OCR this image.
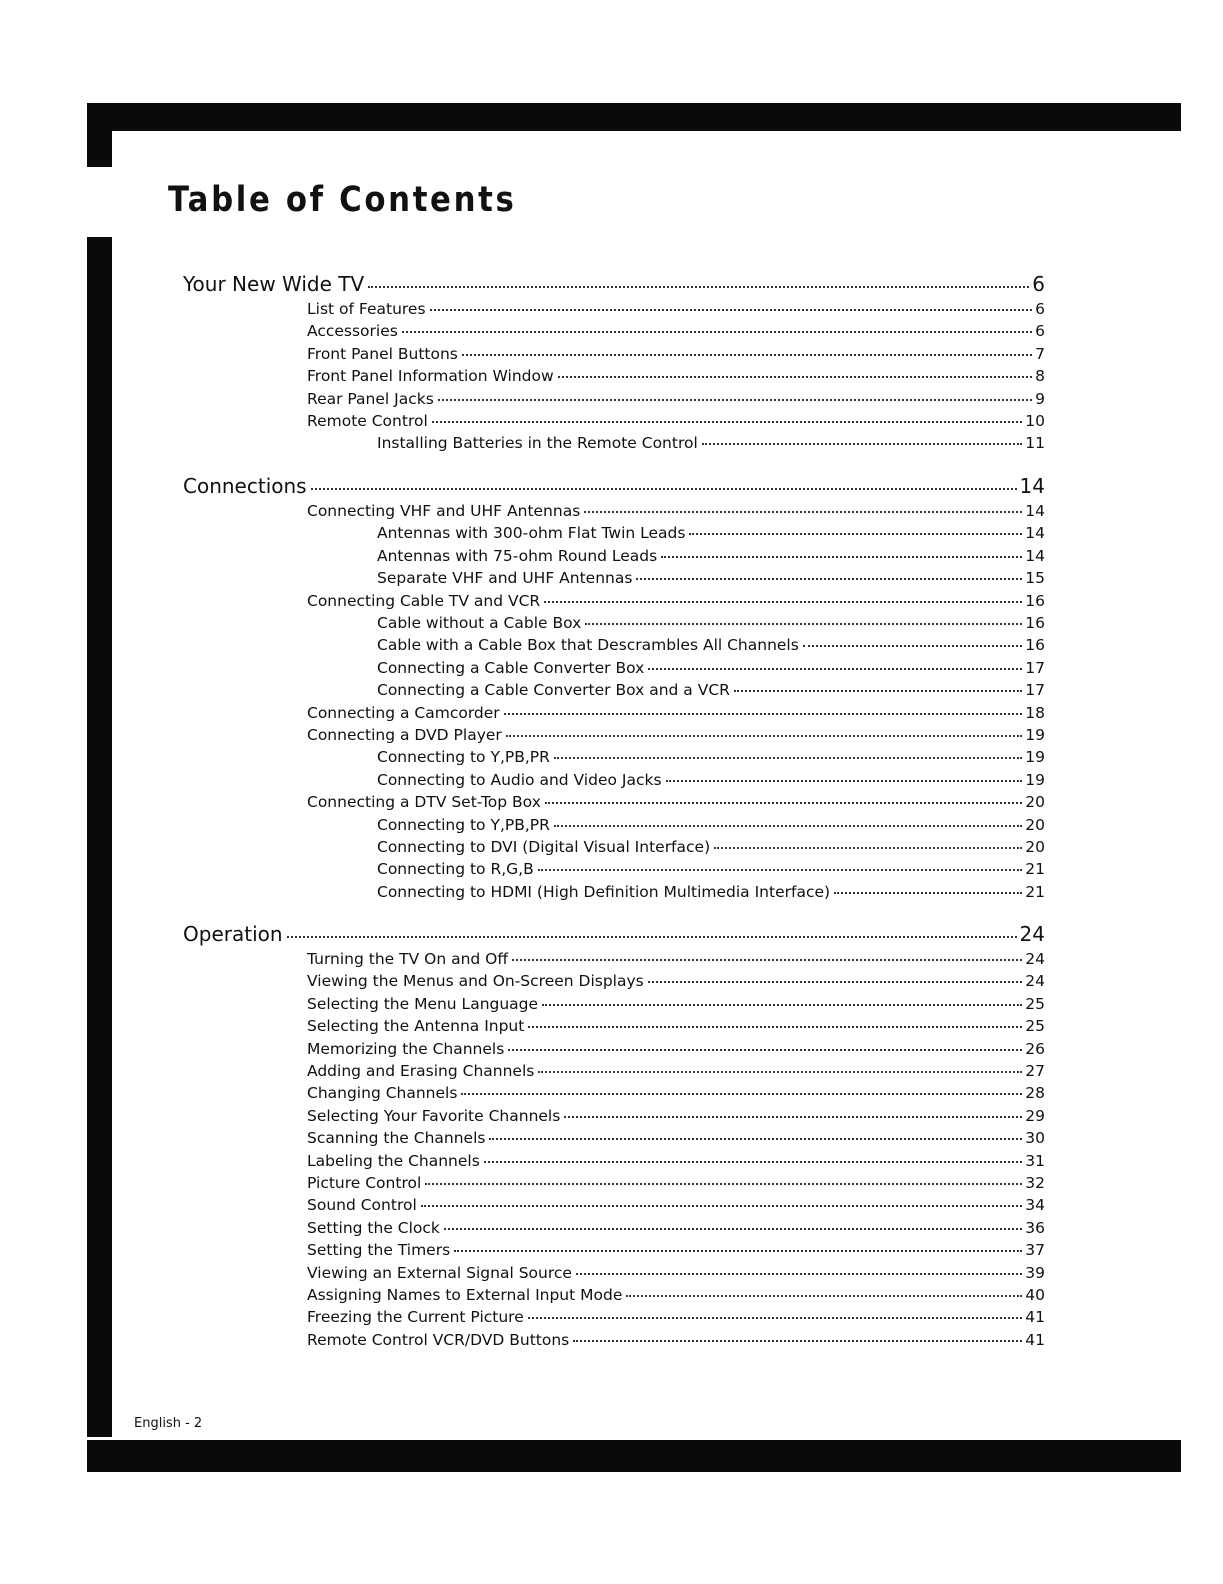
Table of Contents
Your New Wide TV	6
List of Features	6
Accessories	6
Front Panel Buttons	7
Front Panel Information Window	8
Rear Panel Jacks	9
Remote Control	10
Installing Batteries in the Remote Control	11
Connections	14
Connecting VHF and UHF Antennas	14
Antennas with 300-ohm Flat Twin Leads	14
Antennas with 75-ohm Round Leads	14
Separate VHF and UHF Antennas	15
Connecting Cable TV and VCR	16
Cable without a Cable Box	16
Cable with a Cable Box that Descrambles All Channels	16
Connecting a Cable Converter Box	17
Connecting a Cable Converter Box and a VCR	17
Connecting a Camcorder	18
Connecting a DVD Player	19
Connecting to Y,PB,PR	19
Connecting to Audio and Video Jacks	19
Connecting a DTV Set-Top Box	20
Connecting to Y,PB,PR	20
Connecting to DVI (Digital Visual Interface)	20
Connecting to R,G,B	21
Connecting to HDMI (High Definition Multimedia Interface)	21
Operation	24
Turning the TV On and Off	24
Viewing the Menus and On-Screen Displays	24
Selecting the Menu Language	25
Selecting the Antenna Input	25
Memorizing the Channels	26
Adding and Erasing Channels	27
Changing Channels	28
Selecting Your Favorite Channels	29
Scanning the Channels	30
Labeling the Channels	31
Picture Control	32
Sound Control	34
Setting the Clock	36
Setting the Timers	37
Viewing an External Signal Source	39
Assigning Names to External Input Mode	40
Freezing the Current Picture	41
Remote Control VCR/DVD Buttons	41
English - 2
